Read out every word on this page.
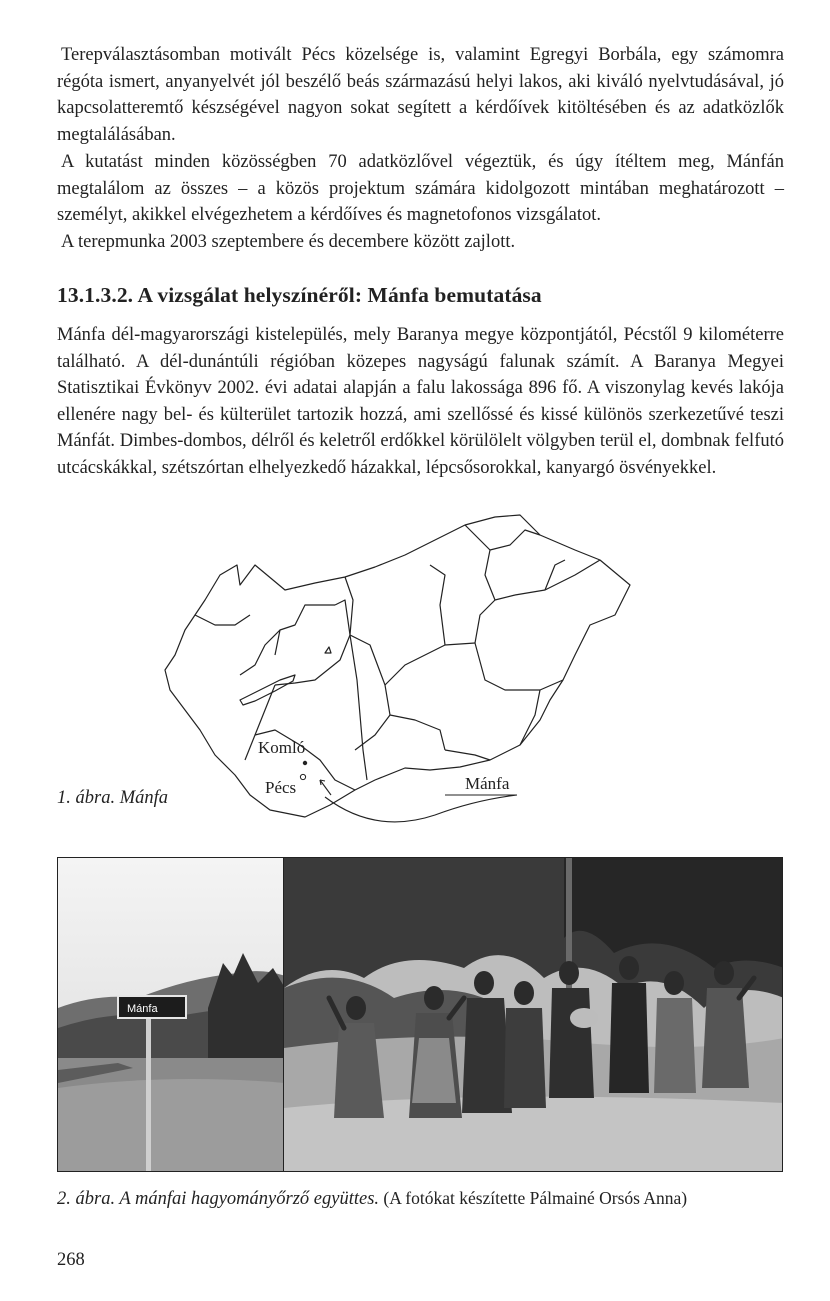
Terepválasztásomban motivált Pécs közelsége is, valamint Egregyi Borbála, egy számomra régóta ismert, anyanyelvét jól beszélő beás származású helyi lakos, aki kiváló nyelvtudásával, jó kapcsolatteremtő készségével nagyon sokat segített a kérdőívek kitöltésében és az adatközlők megtalálásában.

A kutatást minden közösségben 70 adatközlővel végeztük, és úgy ítéltem meg, Mánfán megtalálom az összes – a közös projektum számára kidolgozott mintában meghatározott – személyt, akikkel elvégezhetem a kérdőíves és magnetofonos vizsgálatot.

A terepmunka 2003 szeptembere és decembere között zajlott.

13.1.3.2. A vizsgálat helyszínéről: Mánfa bemutatása

Mánfa dél-magyarországi kistelepülés, mely Baranya megye központjától, Pécstől 9 kilométerre található. A dél-dunántúli régióban közepes nagyságú falunak számít. A Baranya Megyei Statisztikai Évkönyv 2002. évi adatai alapján a falu lakossága 896 fő. A viszonylag kevés lakója ellenére nagy bel- és külterület tartozik hozzá, ami szellőssé és kissé különös szerkezetűvé teszi Mánfát. Dimbes-dombos, délről és keletről erdőkkel körülölelt völgyben terül el, dombnak felfutó utcácskákkal, szétszórtan elhelyezkedő házakkal, lépcsősorokkal, kanyargó ösvényekkel.

Komló
Pécs	Mánfa

1. ábra. Mánfa

Mánfa

2. ábra. A mánfai hagyományőrző együttes. (A fotókat készítette Pálmainé Orsós Anna)

268
